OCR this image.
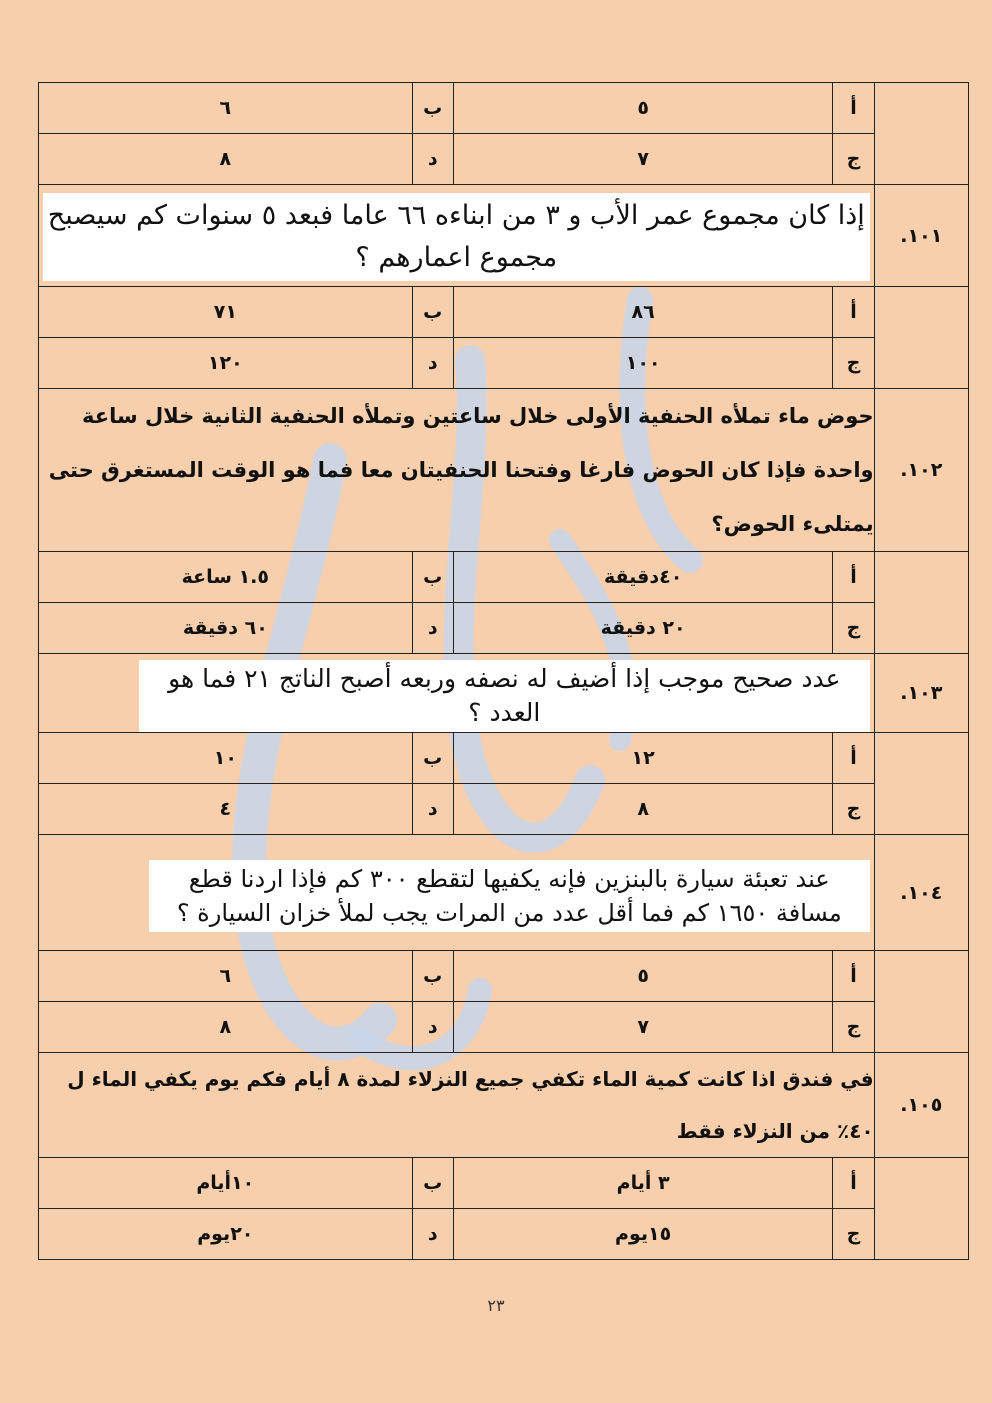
	أ	٥	ب	٦
	ج	٧	د	٨
١٠١.	إذا كان مجموع عمر الأب و ٣ من ابناءه ٦٦ عاما فبعد ٥ سنوات كم سيصبح مجموع اعمارهم ؟			

	أ	٨٦	ب	٧١
	ج	١٠٠	د	١٢٠
١٠٢.	حوض ماء تملأه الحنفية الأولى خلال ساعتين وتملأه الحنفية الثانية خلال ساعة واحدة فإذا كان الحوض فارغا وفتحنا الحنفيتان معا فما هو الوقت المستغرق حتى يمتلىء الحوض؟			

	أ	٤٠دقيقة	ب	١.٥ ساعة
	ج	٢٠ دقيقة	د	٦٠ دقيقة
١٠٣.	عدد صحيح موجب إذا أضيف له نصفه وربعه أصبح الناتج ٢١ فما هو العدد ؟			

	أ	١٢	ب	١٠
	ج	٨	د	٤
١٠٤.	عند تعبئة سيارة بالبنزين فإنه يكفيها لتقطع ٣٠٠ كم فإذا اردنا قطع مسافة ١٦٥٠ كم فما أقل عدد من المرات يجب لملأ خزان السيارة ؟			

	أ	٥	ب	٦
	ج	٧	د	٨
١٠٥.	في فندق اذا كانت كمية الماء تكفي جميع النزلاء لمدة ٨ أيام فكم يوم يكفي الماء ل ٤٠٪ من النزلاء فقط			

	أ	٣ أيام	ب	١٠أيام
	ج	١٥يوم	د	٢٠يوم
٢٣
